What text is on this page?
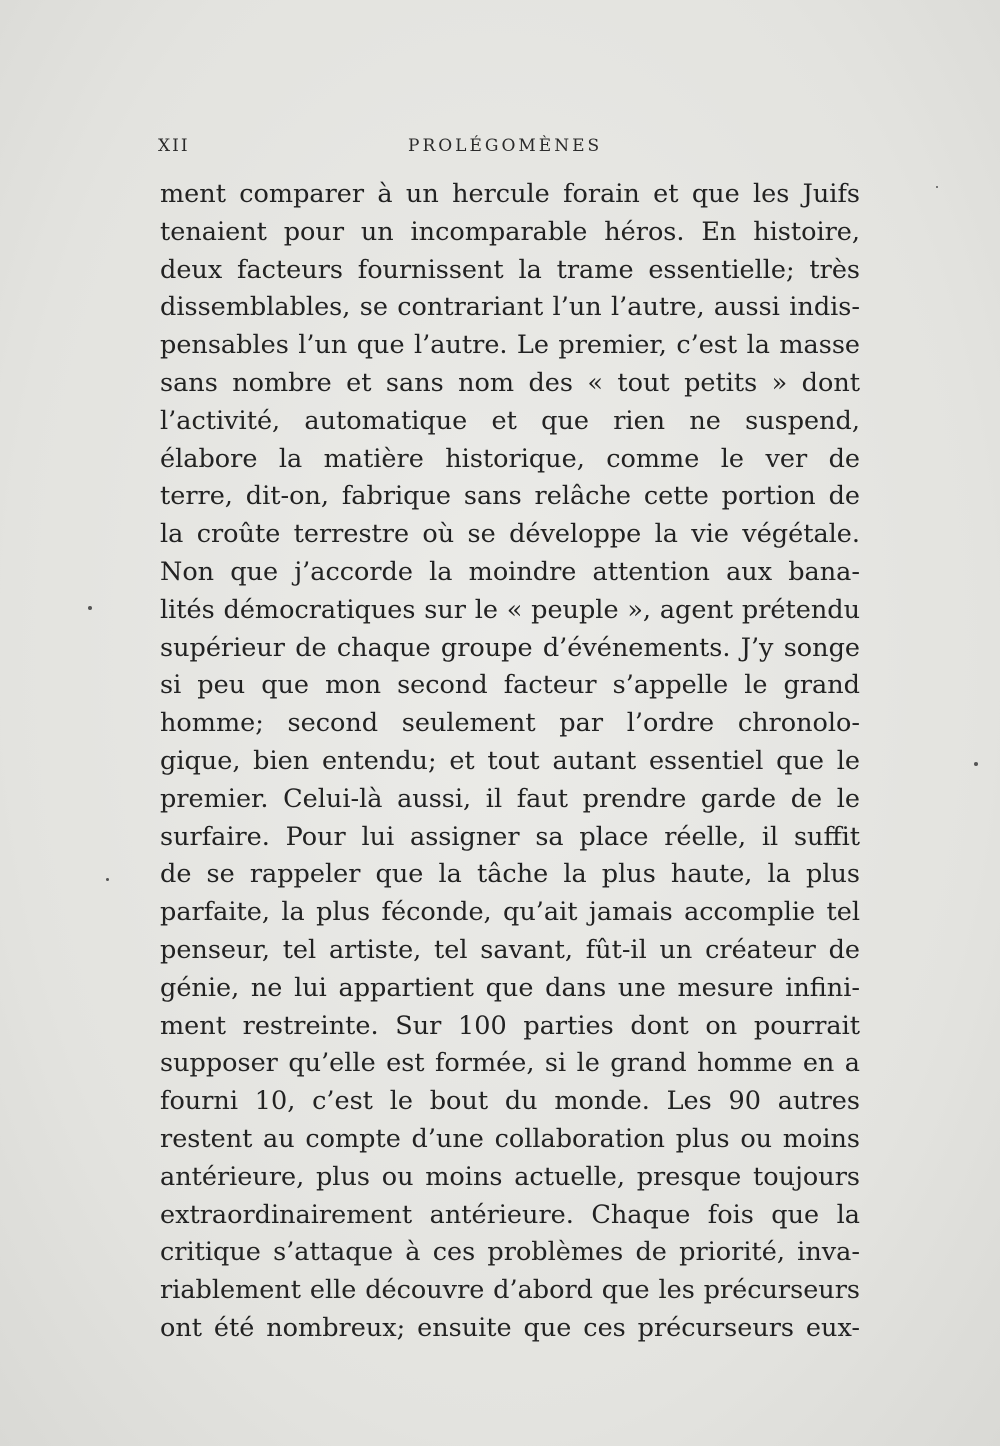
XII	PROLÉGOMÈNES
ment comparer à un hercule forain et que les Juifs
tenaient pour un incomparable héros. En histoire,
deux facteurs fournissent la trame essentielle; très
dissemblables, se contrariant l’un l’autre, aussi indis-
pensables l’un que l’autre. Le premier, c’est la masse
sans nombre et sans nom des « tout petits » dont
l’activité, automatique et que rien ne suspend,
élabore la matière historique, comme le ver de
terre, dit-on, fabrique sans relâche cette portion de
la croûte terrestre où se développe la vie végétale.
Non que j’accorde la moindre attention aux bana-
lités démocratiques sur le « peuple », agent prétendu
supérieur de chaque groupe d’événements. J’y songe
si peu que mon second facteur s’appelle le grand
homme; second seulement par l’ordre chronolo-
gique, bien entendu; et tout autant essentiel que le
premier. Celui-là aussi, il faut prendre garde de le
surfaire. Pour lui assigner sa place réelle, il suffit
de se rappeler que la tâche la plus haute, la plus
parfaite, la plus féconde, qu’ait jamais accomplie tel
penseur, tel artiste, tel savant, fût-il un créateur de
génie, ne lui appartient que dans une mesure infini-
ment restreinte. Sur 100 parties dont on pourrait
supposer qu’elle est formée, si le grand homme en a
fourni 10, c’est le bout du monde. Les 90 autres
restent au compte d’une collaboration plus ou moins
antérieure, plus ou moins actuelle, presque toujours
extraordinairement antérieure. Chaque fois que la
critique s’attaque à ces problèmes de priorité, inva-
riablement elle découvre d’abord que les précurseurs
ont été nombreux; ensuite que ces précurseurs eux-
